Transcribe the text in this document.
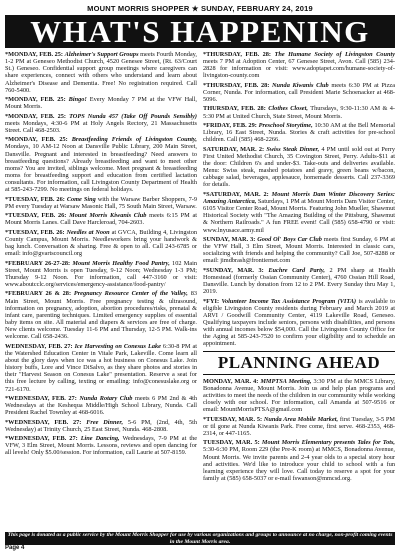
MOUNT MORRIS SHOPPER ★ SUNDAY, FEBRUARY 24, 2019
WHAT'S HAPPENING

*MONDAY, FEB. 25: Alzheimer's Support Groups meets Fourth Monday, 1-2 PM at Geneseo Methodist Church, 4520 Genesee Street, (Rt. 63/Court St.) Geneseo. Confidential support group meetings where caregivers can share experiences, connect with others who understand and learn about Alzheimer's Disease and Dementia. Free! No registration required. Call 760-5400.

*MONDAY, FEB. 25: Bingo! Every Monday 7 PM at the VFW Hall, Mount Morris.

*MONDAY, FEB. 25: TOPS Nunda 457 (Take Off Pounds Sensibly) meets Mondays, 4:30-6 PM at Holy Angels Rectory, 21 Massachusetts Street. Call 468-2503.

*MONDAY, FEB. 25: Breastfeeding Friends of Livingston County, Mondays, 10 AM-12 Noon at Dansville Public Library, 200 Main Street, Dansville. Pregnant and interested in breastfeeding? Need answers to breastfeeding questions? Already breastfeeding and want to meet other moms? You are invited, siblings welcome. Meet pregnant & breastfeeding moms for breastfeeding support and education from certified lactation consultants. For information, call Livingston County Department of Health at 585-243-7299. No meetings on federal holidays.

*TUESDAY, FEB. 26: Come Sing with the Warsaw Barber Shoppers, 7-9 PM every Tuesday at Warsaw Masonic Hall, 75 South Main Street, Warsaw.

*TUESDAY, FEB. 26: Mount Morris Kiwanis Club meets 6:15 PM at Mount Morris Lanes. Call Dave Harcleroad, 704-2603.

*TUESDAY, FEB. 26: Needles at Noon at GVCA, Building 4, Livingston County Campus, Mount Morris. Needleworkers bring your handwork & bag lunch. Conversation & sharing. Free & open to all. Call 243-6785 or email: info@gvartscouncil.org

*FEBRUARY 26-27-28: Mount Morris Healthy Food Pantry, 102 Main Street, Mount Morris is open Tuesday, 9-12 Noon; Wednesday 1-3 PM; Thursday 9-12 Noon. For information, call 447-3160 or visit: www.aboutcclc.org/services/emergency-assistance/food-pantry/

*FEBRUARY 26 & 28: Pregnancy Resource Center of the Valley, 83 Main Street, Mount Morris. Free pregnancy testing & ultrasound, information on pregnancy, adoption, abortion procedures/risks, prenatal & infant care, parenting techniques. Limited emergency supplies of essential baby items on site. All material and diapers & services are free of charge. New clients welcome. Tuesday 11-6 PM and Thursday, 12-5 PM. Walk-ins welcome. Call 658-2436.

WEDNESDAY, FEB. 27: Ice Harvesting on Conesus Lake 6:30-8 PM at the Watershed Education Center in Vitale Park, Lakeville. Come learn all about the glory days when ice was a hot business on Conesus Lake. Join history buffs, Lore and Vince DiSalvo, as they share photos and stories in their "Harvest Season on Conesus Lake" presentation. Reserve a seat for this free lecture by calling, texting or emailing: info@conesuslake.org or 721-6170.

*WEDNESDAY, FEB. 27: Nunda Rotary Club meets 6 PM 2nd & 4th Wednesdays at the Keshequa Middle/High School Library, Nunda. Call President Rachel Townley at 468-6016.

*WEDNESDAY, FEB. 27: Free Dinner, 5-6 PM, (2nd, 4th, 5th Wednesday) at Trinity Church, 25 East Street, Nunda. 468-2808.

*WEDNESDAY, FEB. 27: Line Dancing, Wednesdays, 7-9 PM at the VFW, 3 Elm Street, Mount Morris. Lessons, reviews and open dancing for all levels! Only $5.00/session. For information, call Laurie at 507-8159.

*THURSDAY, FEB. 28: The Humane Society of Livingston County meets 7 PM at Adoption Center, 67 Genesee Street, Avon. Call (585) 234-2828 for information or visit: www.adoptapet.com/humane-society-of-livingston-county.com

*THURSDAY, FEB. 28: Nunda Kiwanis Club meets 6:30 PM at Pizza Corner, Nunda. For information, call President Marie Schoenacker at 468-5096.

THURSDAY, FEB. 28: Clothes Closet, Thursdays, 9:30-11:30 AM & 4-5:30 PM at United Church, State Street, Mount Morris.

*FRIDAY, FEB. 29: Preschool Storytime, 10:30 AM at the Bell Memorial Library, 16 East Street, Nunda. Stories & craft activities for pre-school children. Call (585) 468-2266.

SATURDAY, MAR. 2: Swiss Steak Dinner, 4 PM until sold out at Perry First United Methodist Church, 35 Covington Street, Perry. Adults-$11 at the door: Children 6's and under-$3. Take-outs and deliveries available. Menu: Swiss steak, mashed potatoes and gravy, green beans w/bacon, cabbage salad, beverages, applesauce, homemade desserts. Call 237-3369 for details.

*SATURDAY, MAR. 2: Mount Morris Dam Winter Discovery Series: Amazing Antarctica, Saturdays, 1 PM at Mount Morris Dam Visitor Center, 6105 Visitor Center Road, Mount Morris. Featuring John Mueller, Shawmut Historical Society with "The Amazing Building of the Pittsburg, Shawmut & Northern Railroads." A fun FREE event! Call (585) 658-4790 or visit: www.lnyusace.army.mil

SUNDAY, MAR. 3: Good Ol' Boys Car Club meets first Sunday, 6 PM at the VFW Hall, 3 Elm Street, Mount Morris. Interested in classic cars, socializing with friends and helping the community? Call Joe, 507-8288 or email: jimdbrash@frontiernet.com

*SUNDAY, MAR. 3: Euchre Card Party, 2 PM sharp at Health Homestead (formerly Ossian Community Center), 4760 Ossian Hill Road, Dansville. Lunch by donation from 12 to 2 PM. Every Sunday thru May 1, 2019.

*FYI: Volunteer Income Tax Assistance Program (VITA) is available to eligible Livingston County residents during February and March 2019 at ARVI / Goodwill Community Center, 4119 Lakeville Road, Geneseo. Qualifying taxpayers include seniors, persons with disabilities, and persons with annual incomes below $54,000. Call the Livingston County Office for the Aging at 585-243-7520 to confirm your eligibility and to schedule an appointment.

PLANNING AHEAD

MONDAY, MAR. 4: MMPTSA Meeting, 3:30 PM at the MMCS Library, Bonadonna Avenue, Mount Morris. Join us and help plan programs and activities to meet the needs of the children in our community while working closely with our school. For information, call Amanda at 507-9516 or email: MountMorrisPTSA@gmail.com

*TUESDAY, MAR. 5: Nunda Area Mobile Market, first Tuesday, 3-5 PM or til gone at Nunda Kiwanis Park. Free come, first serve. 468-2353, 468-2314, or 447-1165.

TUESDAY, MAR. 5: Mount Morris Elementary presents Tales for Tots, 5:30-6:30 PM, Room 229 (the Pre-K room) at MMCS, Bonadonna Avenue, Mount Morris. We invite parents and 2-4 year olds to a special story hour and activities. We'd like to introduce your child to school with a fun learning experience they will love. Call today to reserve a spot for your family at (585) 658-5037 or e-mail fswanson@mmcsd.org.

This page is donated as a public service by the Mount Morris Shopper for use by various organizations and groups to announce at no charge, non-profit coming events in the Mount Morris area.
Page 4
